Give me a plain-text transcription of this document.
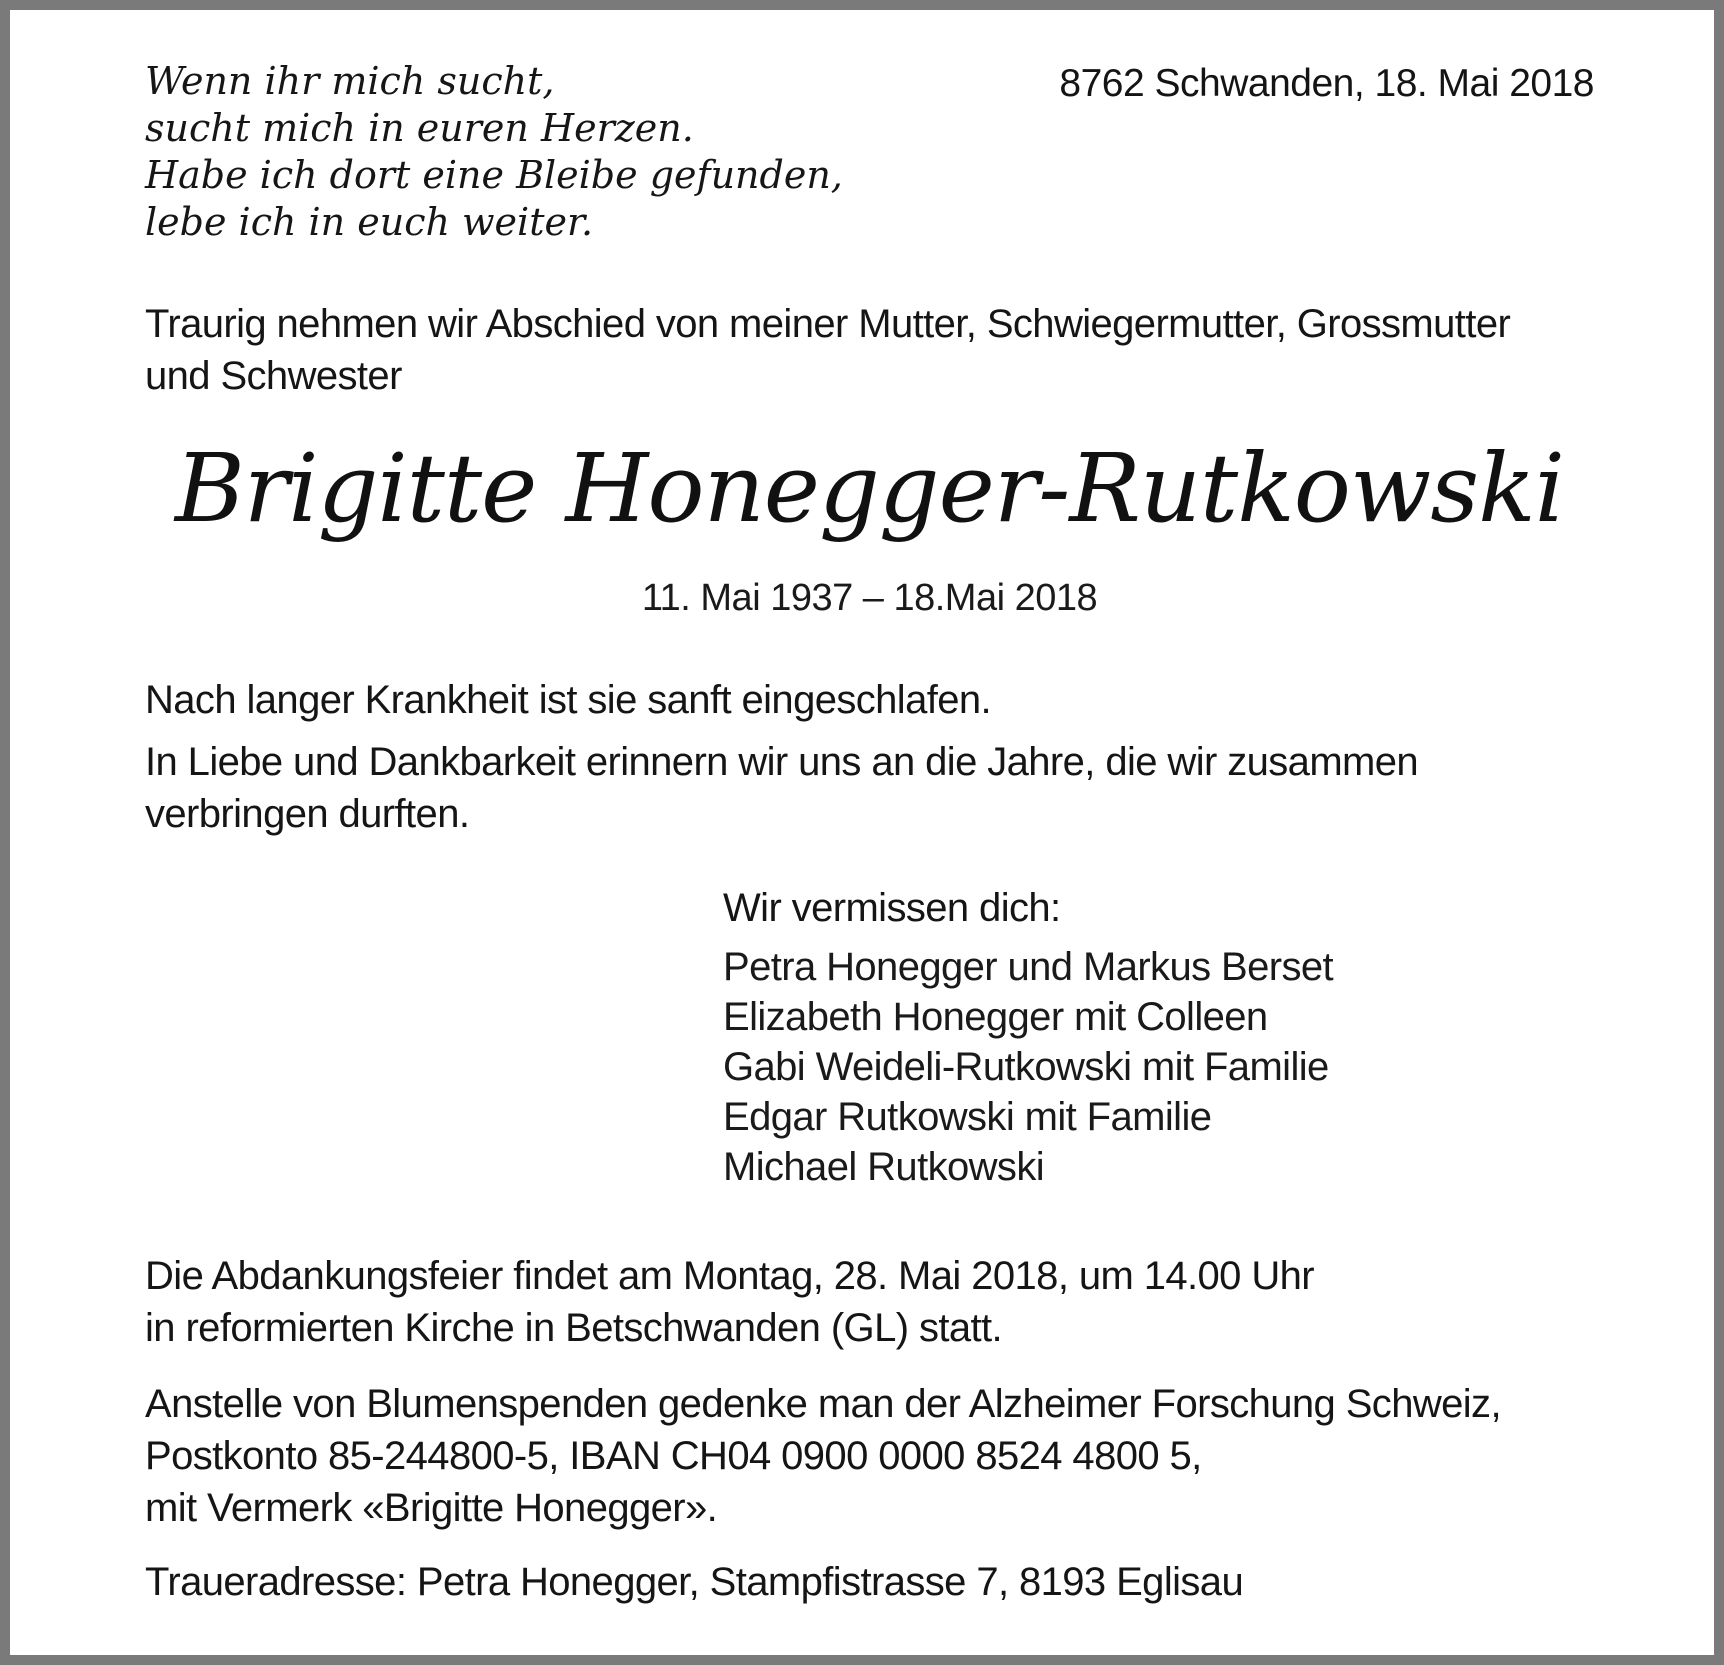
Wenn ihr mich sucht,
sucht mich in euren Herzen.
Habe ich dort eine Bleibe gefunden,
lebe ich in euch weiter.
8762 Schwanden, 18. Mai 2018
Traurig nehmen wir Abschied von meiner Mutter, Schwiegermutter, Grossmutter
und Schwester
Brigitte Honegger-Rutkowski
11. Mai 1937 – 18.Mai 2018
Nach langer Krankheit ist sie sanft eingeschlafen.
In Liebe und Dankbarkeit erinnern wir uns an die Jahre, die wir zusammen
verbringen durften.
Wir vermissen dich:
Petra Honegger und Markus Berset
Elizabeth Honegger mit Colleen
Gabi Weideli-Rutkowski mit Familie
Edgar Rutkowski mit Familie
Michael Rutkowski
Die Abdankungsfeier findet am Montag, 28. Mai 2018, um 14.00 Uhr
in reformierten Kirche in Betschwanden (GL) statt.
Anstelle von Blumenspenden gedenke man der Alzheimer Forschung Schweiz,
Postkonto 85-244800-5, IBAN CH04 0900 0000 8524 4800 5,
mit Vermerk «Brigitte Honegger».
Traueradresse: Petra Honegger, Stampfistrasse 7, 8193 Eglisau
